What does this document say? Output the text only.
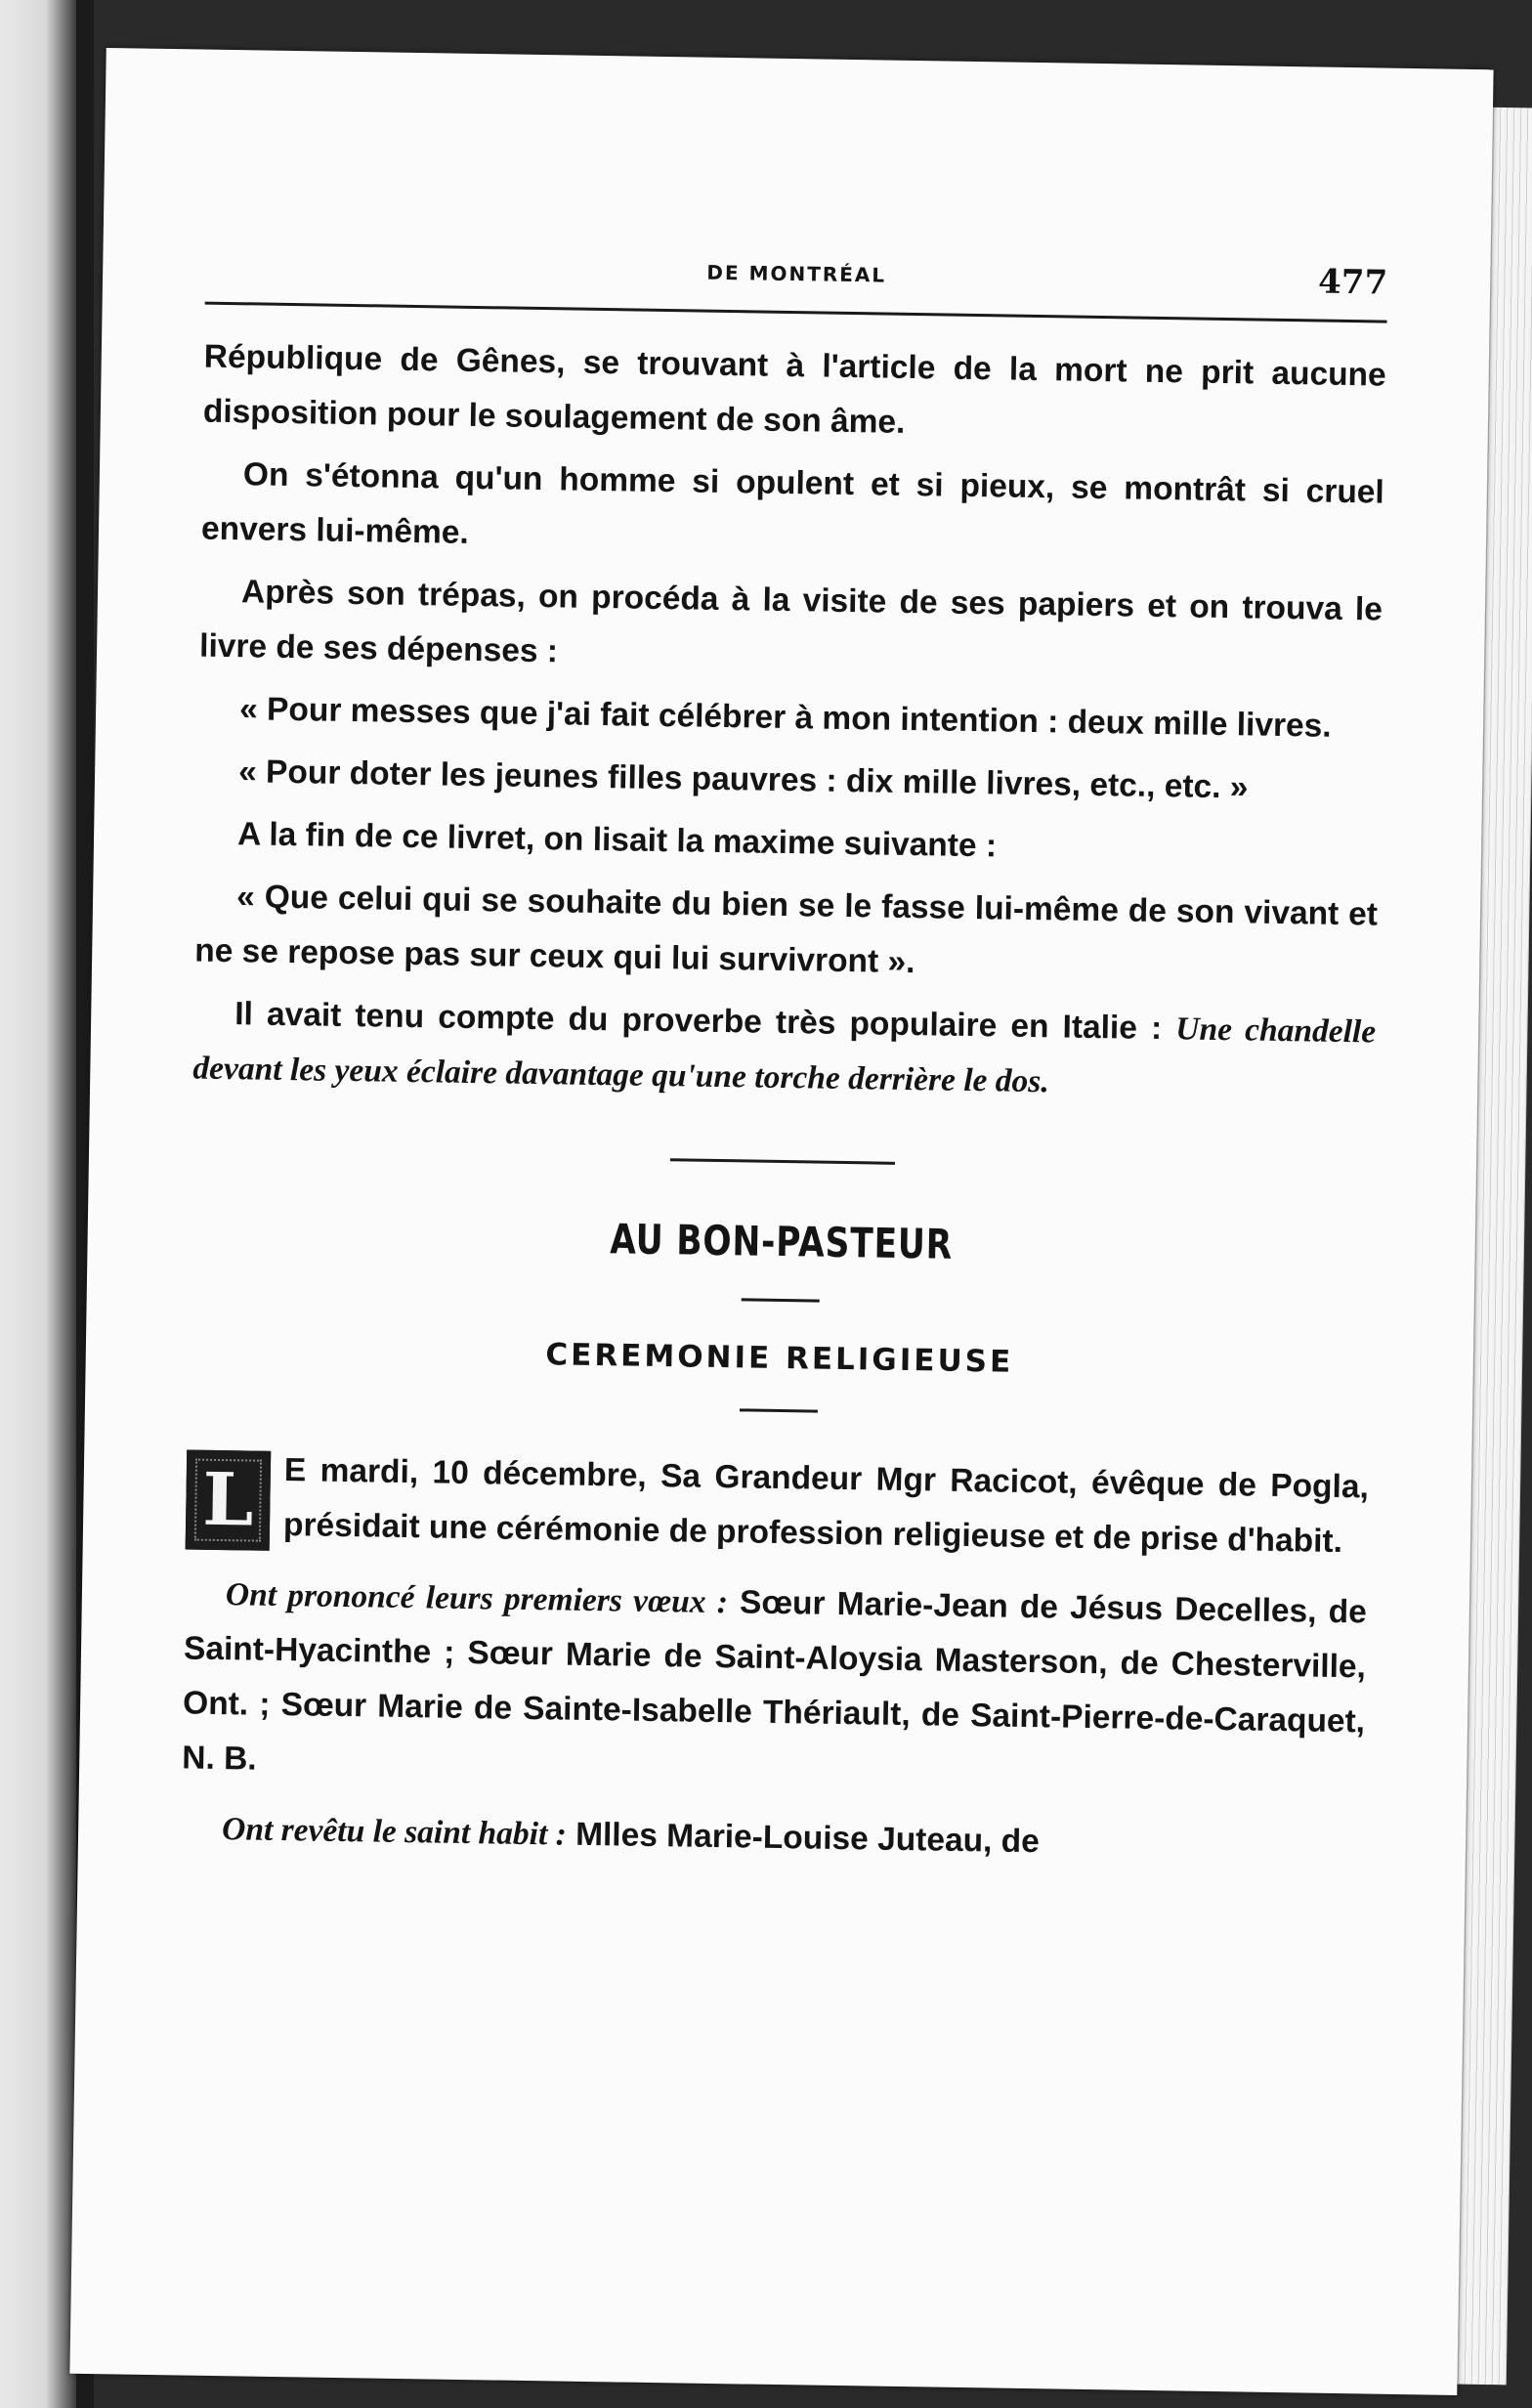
DE MONTRÉAL	477

République de Gênes, se trouvant à l'article de la mort ne prit aucune disposition pour le soulagement de son âme.

On s'étonna qu'un homme si opulent et si pieux, se montrât si cruel envers lui-même.

Après son trépas, on procéda à la visite de ses papiers et on trouva le livre de ses dépenses :

« Pour messes que j'ai fait célébrer à mon intention : deux mille livres.

« Pour doter les jeunes filles pauvres : dix mille livres, etc., etc. »

A la fin de ce livret, on lisait la maxime suivante :

« Que celui qui se souhaite du bien se le fasse lui-même de son vivant et ne se repose pas sur ceux qui lui survivront ».

Il avait tenu compte du proverbe très populaire en Italie : Une chandelle devant les yeux éclaire davantage qu'une torche derrière le dos.

AU BON-PASTEUR
CEREMONIE RELIGIEUSE

L E mardi, 10 décembre, Sa Grandeur Mgr Racicot, évêque de Pogla, présidait une cérémonie de profession religieuse et de prise d'habit.

Ont prononcé leurs premiers vœux : Sœur Marie-Jean de Jésus Decelles, de Saint-Hyacinthe ; Sœur Marie de Saint-Aloysia Masterson, de Chesterville, Ont. ; Sœur Marie de Sainte-Isabelle Thériault, de Saint-Pierre-de-Caraquet, N. B.

Ont revêtu le saint habit : Mlles Marie-Louise Juteau, de
